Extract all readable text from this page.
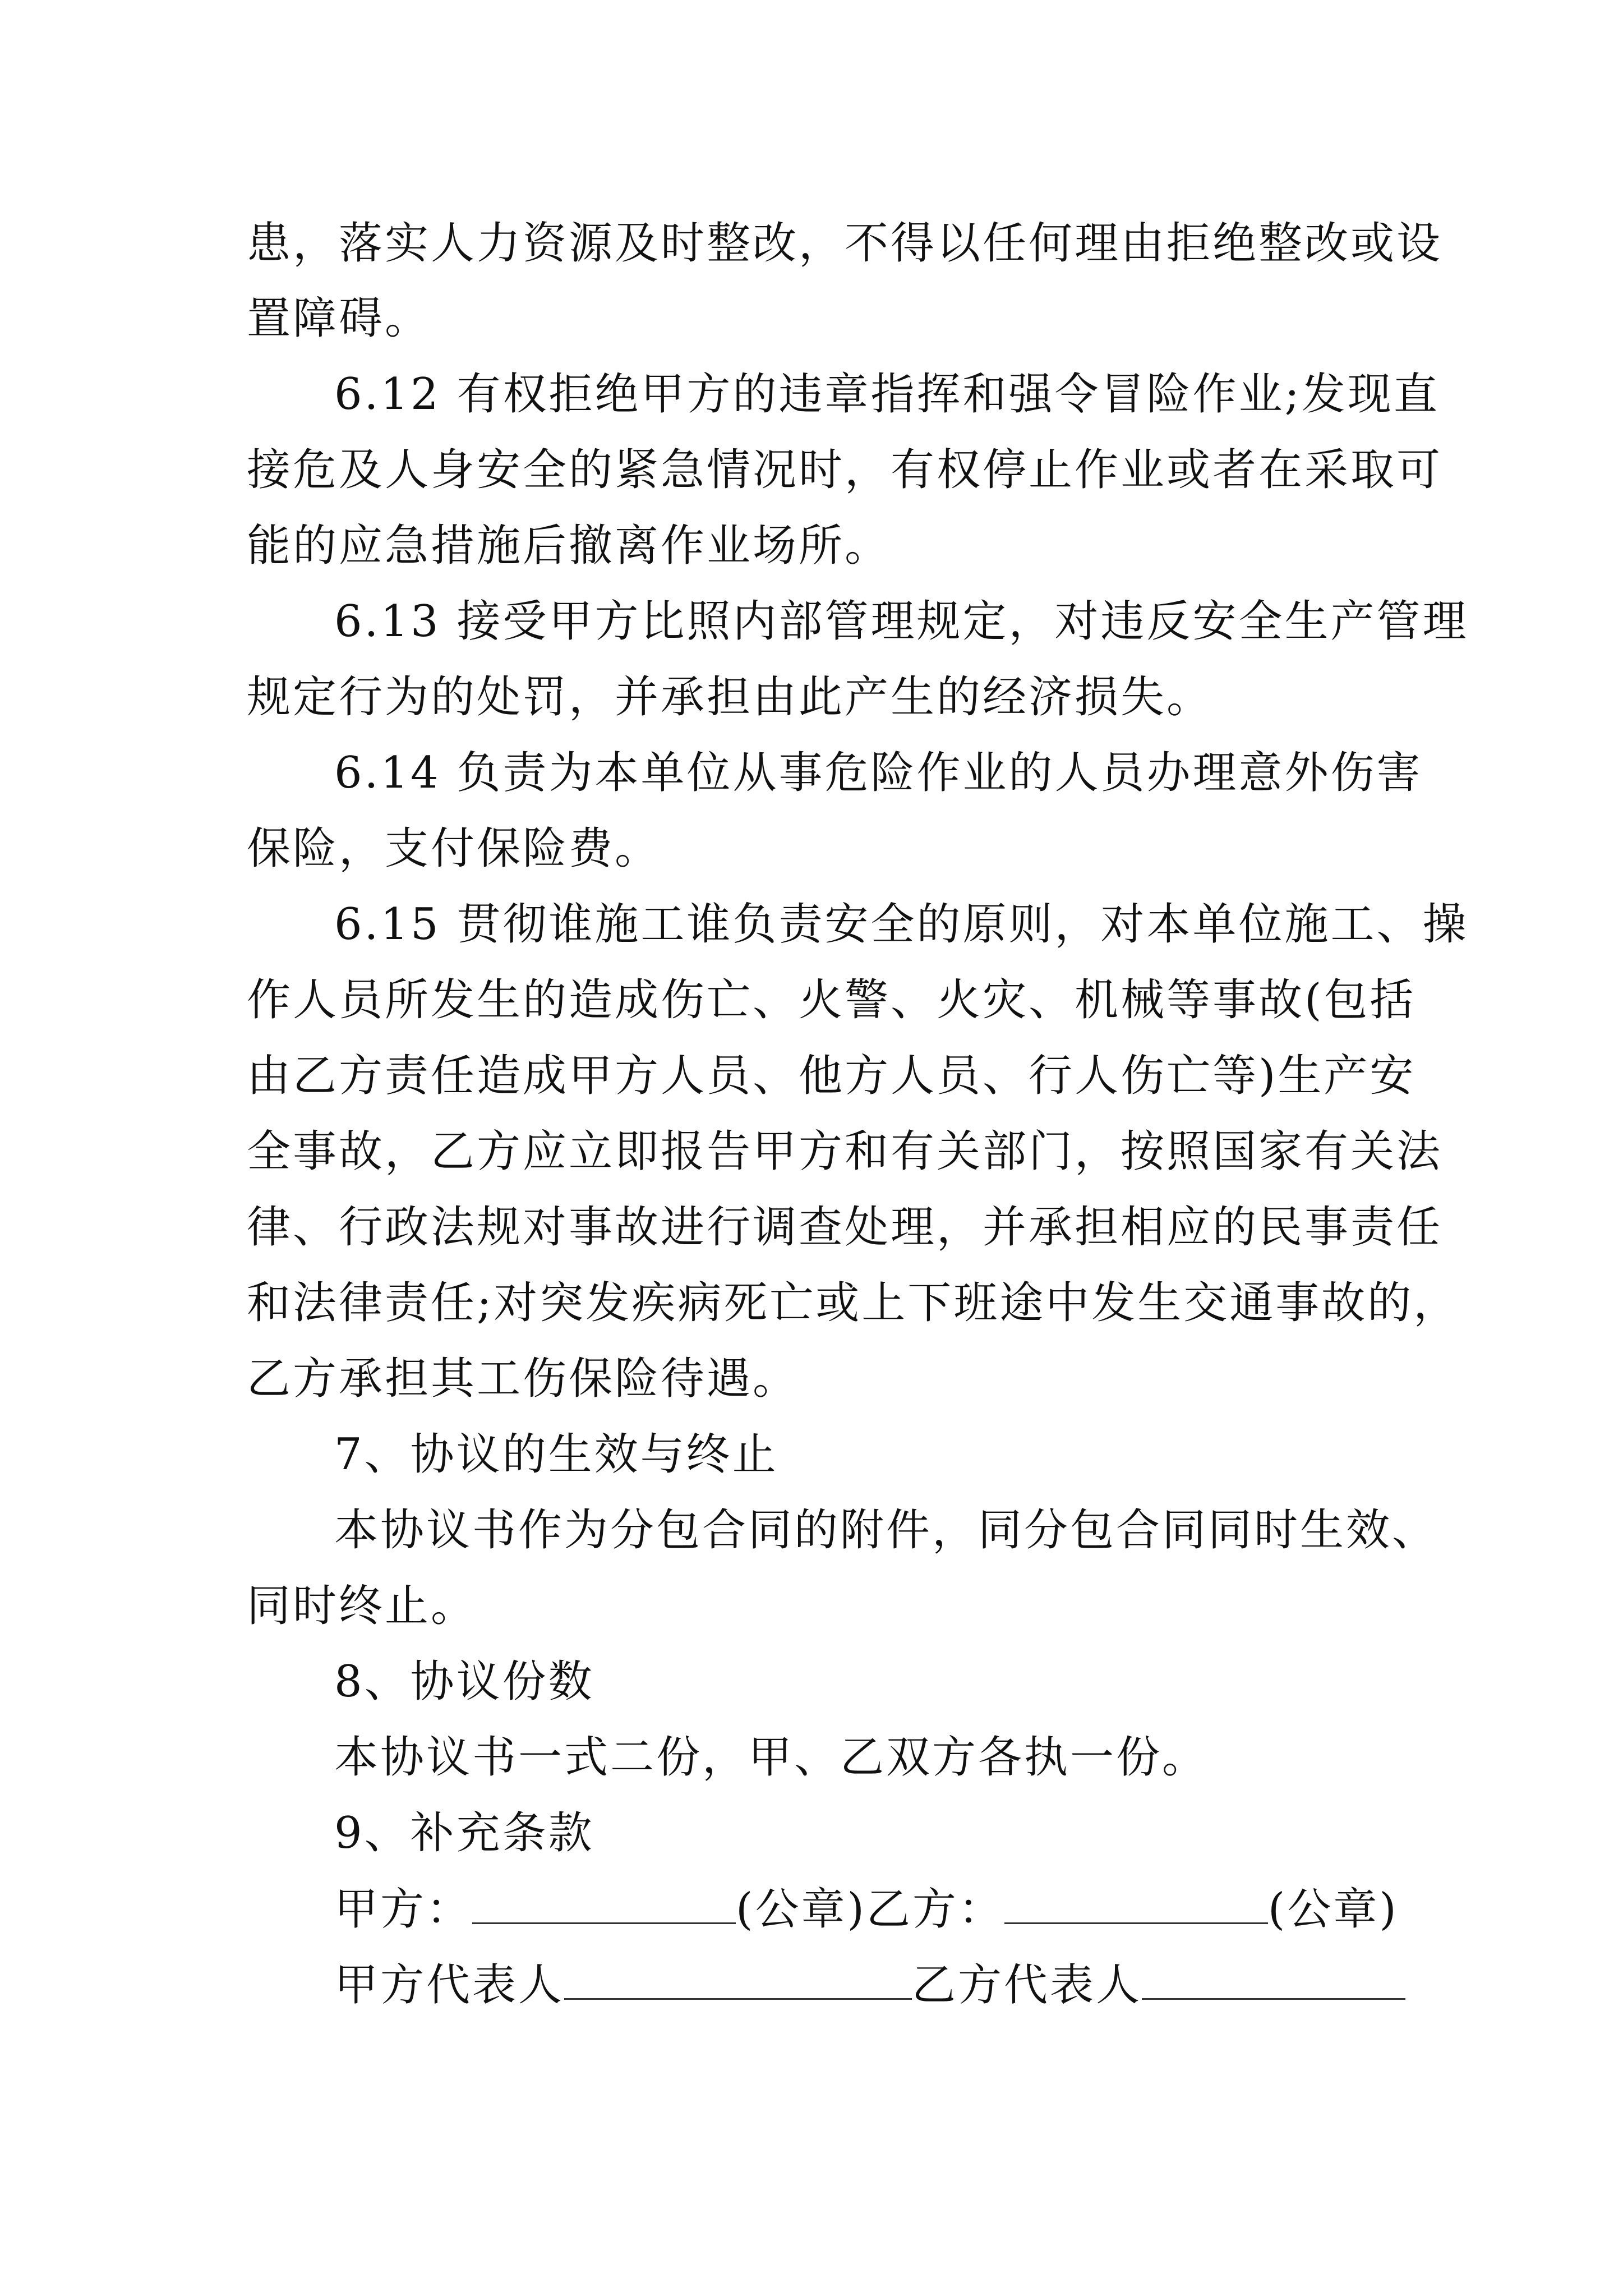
患，落实人力资源及时整改，不得以任何理由拒绝整改或设
置障碍。
6.12 有权拒绝甲方的违章指挥和强令冒险作业;发现直
接危及人身安全的紧急情况时，有权停止作业或者在采取可
能的应急措施后撤离作业场所。
6.13 接受甲方比照内部管理规定，对违反安全生产管理
规定行为的处罚，并承担由此产生的经济损失。
6.14 负责为本单位从事危险作业的人员办理意外伤害
保险，支付保险费。
6.15 贯彻谁施工谁负责安全的原则，对本单位施工、操
作人员所发生的造成伤亡、火警、火灾、机械等事故(包括
由乙方责任造成甲方人员、他方人员、行人伤亡等)生产安
全事故，乙方应立即报告甲方和有关部门，按照国家有关法
律、行政法规对事故进行调查处理，并承担相应的民事责任
和法律责任;对突发疾病死亡或上下班途中发生交通事故的，
乙方承担其工伤保险待遇。
7、协议的生效与终止
本协议书作为分包合同的附件，同分包合同同时生效、
同时终止。
8、协议份数
本协议书一式二份，甲、乙双方各执一份。
9、补充条款
甲方：	(公章)乙方：	(公章)
甲方代表人	乙方代表人
